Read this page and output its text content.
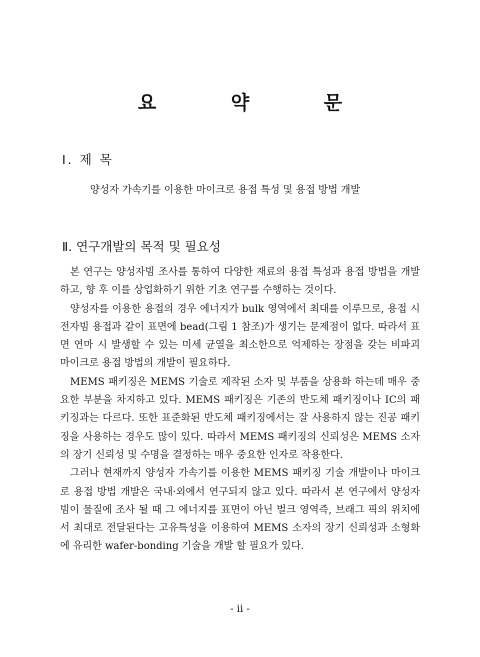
요 약 문
Ⅰ. 제 목
양성자 가속기를 이용한 마이크로 용접 특성 및 용접 방법 개발
Ⅱ. 연구개발의 목적 및 필요성

본 연구는 양성자빔 조사를 통하여 다양한 재료의 용접 특성과 용접 방법을 개발하고, 향 후 이를 상업화하기 위한 기초 연구를 수행하는 것이다.

양성자를 이용한 용접의 경우 에너지가 bulk 영역에서 최대를 이루므로, 용접 시 전자빔 용접과 같이 표면에 bead(그림 1 참조)가 생기는 문제점이 없다. 따라서 표면 연마 시 발생할 수 있는 미세 균열을 최소한으로 억제하는 장점을 갖는 비파괴 마이크로 용접 방법의 개발이 필요하다.

MEMS 패키징은 MEMS 기술로 제작된 소자 및 부품을 상용화 하는데 매우 중요한 부분을 차지하고 있다. MEMS 패키징은 기존의 반도체 패키징이나 IC의 패키징과는 다르다. 또한 표준화된 반도체 패키징에서는 잘 사용하지 않는 진공 패키징을 사용하는 경우도 많이 있다. 따라서 MEMS 패키징의 신뢰성은 MEMS 소자의 장기 신뢰성 및 수명을 결정하는 매우 중요한 인자로 작용한다.

그러나 현재까지 양성자 가속기를 이용한 MEMS 패키징 기술 개발이나 마이크로 용접 방법 개발은 국내·외에서 연구되지 않고 있다. 따라서 본 연구에서 양성자빔이 물질에 조사 될 때 그 에너지를 표면이 아닌 벌크 영역즉, 브래그 픽의 위치에서 최대로 전달된다는 고유특성을 이용하여 MEMS 소자의 장기 신뢰성과 소형화에 유리한 wafer-bonding 기술을 개발 할 필요가 있다.

- ii -
